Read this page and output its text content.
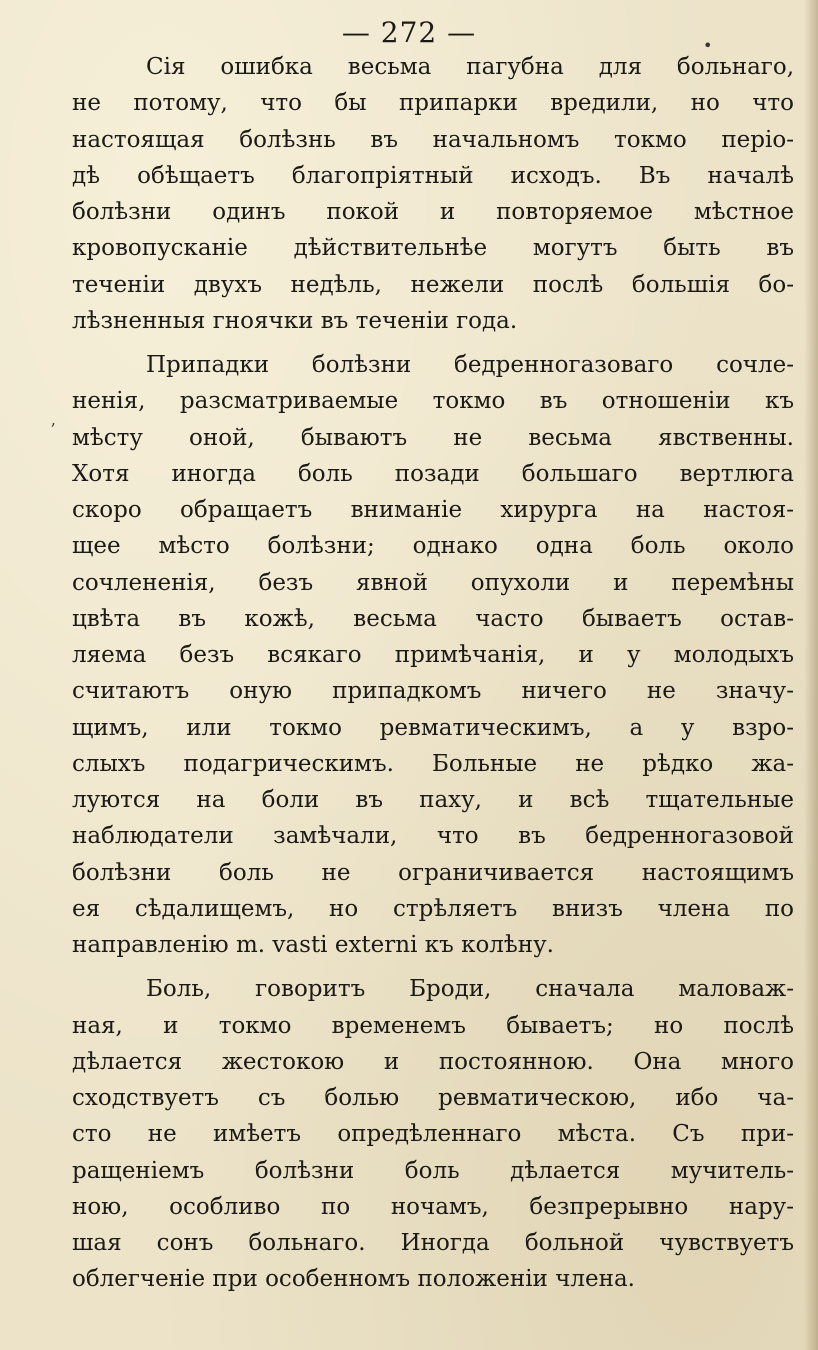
— 272 —	•
ʼ
Сія ошибка весьма пагубна для больнаго,
не потому, что бы припарки вредили, но что
настоящая болѣзнь въ начальномъ токмо періо-
дѣ обѣщаетъ благопріятный исходъ. Въ началѣ
болѣзни одинъ покой и повторяемое мѣстное
кровопусканіе дѣйствительнѣе могутъ быть въ
теченіи двухъ недѣль, нежели послѣ большія бо-
лѣзненныя гноячки въ теченіи года.
Припадки болѣзни бедренногазоваго сочле-
ненія, разсматриваемые токмо въ отношеніи къ
мѣсту оной, бываютъ не весьма явственны.
Хотя иногда боль позади большаго вертлюга
скоро обращаетъ вниманіе хирурга на настоя-
щее мѣсто болѣзни; однако одна боль около
сочлененія, безъ явной опухоли и перемѣны
цвѣта въ кожѣ, весьма часто бываетъ остав-
ляема безъ всякаго примѣчанія, и у молодыхъ
считаютъ оную припадкомъ ничего не значу-
щимъ, или токмо ревматическимъ, а у взро-
слыхъ подагрическимъ. Больные не рѣдко жа-
луются на боли въ паху, и всѣ тщательные
наблюдатели замѣчали, что въ бедренногазовой
болѣзни боль не ограничивается настоящимъ
ея сѣдалищемъ, но стрѣляетъ внизъ члена по
направленію m. vasti externi къ колѣну.
Боль, говоритъ Броди, сначала маловаж-
ная, и токмо временемъ бываетъ; но послѣ
дѣлается жестокою и постоянною. Она много
сходствуетъ съ болью ревматическою, ибо ча-
сто не имѣетъ опредѣленнаго мѣста. Съ при-
ращеніемъ болѣзни боль дѣлается мучитель-
ною, особливо по ночамъ, безпрерывно нару-
шая сонъ больнаго. Иногда больной чувствуетъ
облегченіе при особенномъ положеніи члена.
